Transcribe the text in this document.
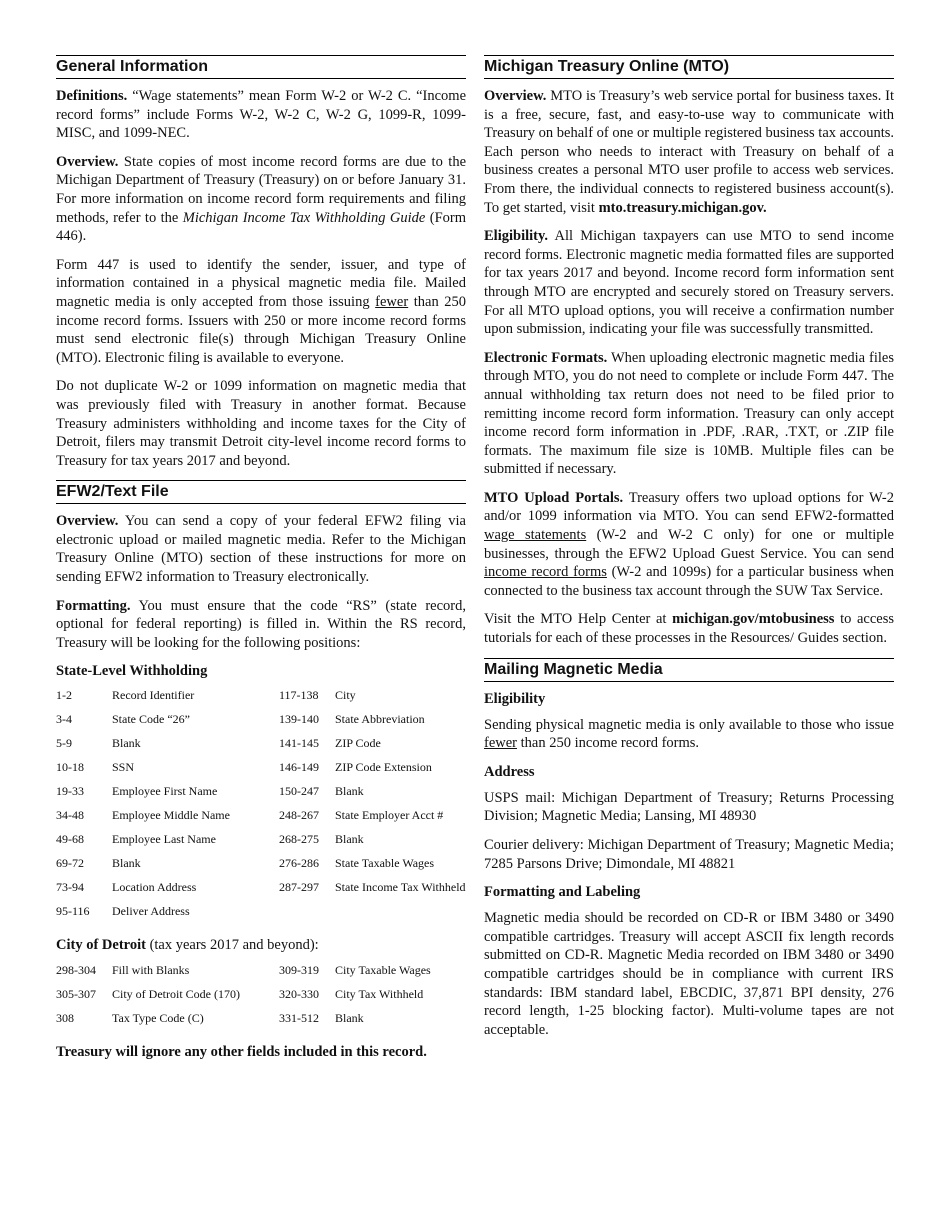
General Information

Definitions. “Wage statements” mean Form W-2 or W-2 C. “Income record forms” include Forms W-2, W-2 C, W-2 G, 1099-R, 1099-MISC, and 1099-NEC.

Overview. State copies of most income record forms are due to the Michigan Department of Treasury (Treasury) on or before January 31. For more information on income record form requirements and filing methods, refer to the Michigan Income Tax Withholding Guide (Form 446).

Form 447 is used to identify the sender, issuer, and type of information contained in a physical magnetic media file. Mailed magnetic media is only accepted from those issuing fewer than 250 income record forms. Issuers with 250 or more income record forms must send electronic file(s) through Michigan Treasury Online (MTO). Electronic filing is available to everyone.

Do not duplicate W-2 or 1099 information on magnetic media that was previously filed with Treasury in another format. Because Treasury administers withholding and income taxes for the City of Detroit, filers may transmit Detroit city-level income record forms to Treasury for tax years 2017 and beyond.

EFW2/Text File

Overview. You can send a copy of your federal EFW2 filing via electronic upload or mailed magnetic media. Refer to the Michigan Treasury Online (MTO) section of these instructions for more on sending EFW2 information to Treasury electronically.

Formatting. You must ensure that the code “RS” (state record, optional for federal reporting) is filled in. Within the RS record, Treasury will be looking for the following positions:

State-Level Withholding
1-2	Record Identifier	117-138	City
3-4	State Code “26”	139-140	State Abbreviation
5-9	Blank	141-145	ZIP Code
10-18	SSN	146-149	ZIP Code Extension
19-33	Employee First Name	150-247	Blank
34-48	Employee Middle Name	248-267	State Employer Acct #
49-68	Employee Last Name	268-275	Blank
69-72	Blank	276-286	State Taxable Wages
73-94	Location Address	287-297	State Income Tax Withheld
95-116	Deliver Address		

City of Detroit (tax years 2017 and beyond):

298-304	Fill with Blanks	309-319	City Taxable Wages
305-307	City of Detroit Code (170)	320-330	City Tax Withheld
308	Tax Type Code (C)	331-512	Blank

Treasury will ignore any other fields included in this record.

Michigan Treasury Online (MTO)

Overview. MTO is Treasury’s web service portal for business taxes. It is a free, secure, fast, and easy-to-use way to communicate with Treasury on behalf of one or multiple registered business tax accounts. Each person who needs to interact with Treasury on behalf of a business creates a personal MTO user profile to access web services. From there, the individual connects to registered business account(s). To get started, visit mto.treasury.michigan.gov.

Eligibility. All Michigan taxpayers can use MTO to send income record forms. Electronic magnetic media formatted files are supported for tax years 2017 and beyond. Income record form information sent through MTO are encrypted and securely stored on Treasury servers. For all MTO upload options, you will receive a confirmation number upon submission, indicating your file was successfully transmitted.

Electronic Formats. When uploading electronic magnetic media files through MTO, you do not need to complete or include Form 447. The annual withholding tax return does not need to be filed prior to remitting income record form information. Treasury can only accept income record form information in .PDF, .RAR, .TXT, or .ZIP file formats. The maximum file size is 10MB. Multiple files can be submitted if necessary.

MTO Upload Portals. Treasury offers two upload options for W-2 and/or 1099 information via MTO. You can send EFW2-formatted wage statements (W-2 and W-2 C only) for one or multiple businesses, through the EFW2 Upload Guest Service. You can send income record forms (W-2 and 1099s) for a particular business when connected to the business tax account through the SUW Tax Service.

Visit the MTO Help Center at michigan.gov/mtobusiness to access tutorials for each of these processes in the Resources/ Guides section.

Mailing Magnetic Media
Eligibility

Sending physical magnetic media is only available to those who issue fewer than 250 income record forms.

Address

USPS mail: Michigan Department of Treasury; Returns Processing Division; Magnetic Media; Lansing, MI 48930

Courier delivery: Michigan Department of Treasury; Magnetic Media; 7285 Parsons Drive; Dimondale, MI 48821

Formatting and Labeling

Magnetic media should be recorded on CD-R or IBM 3480 or 3490 compatible cartridges. Treasury will accept ASCII fix length records submitted on CD-R. Magnetic Media recorded on IBM 3480 or 3490 compatible cartridges should be in compliance with current IRS standards: IBM standard label, EBCDIC, 37,871 BPI density, 276 record length, 1-25 blocking factor). Multi-volume tapes are not acceptable.
